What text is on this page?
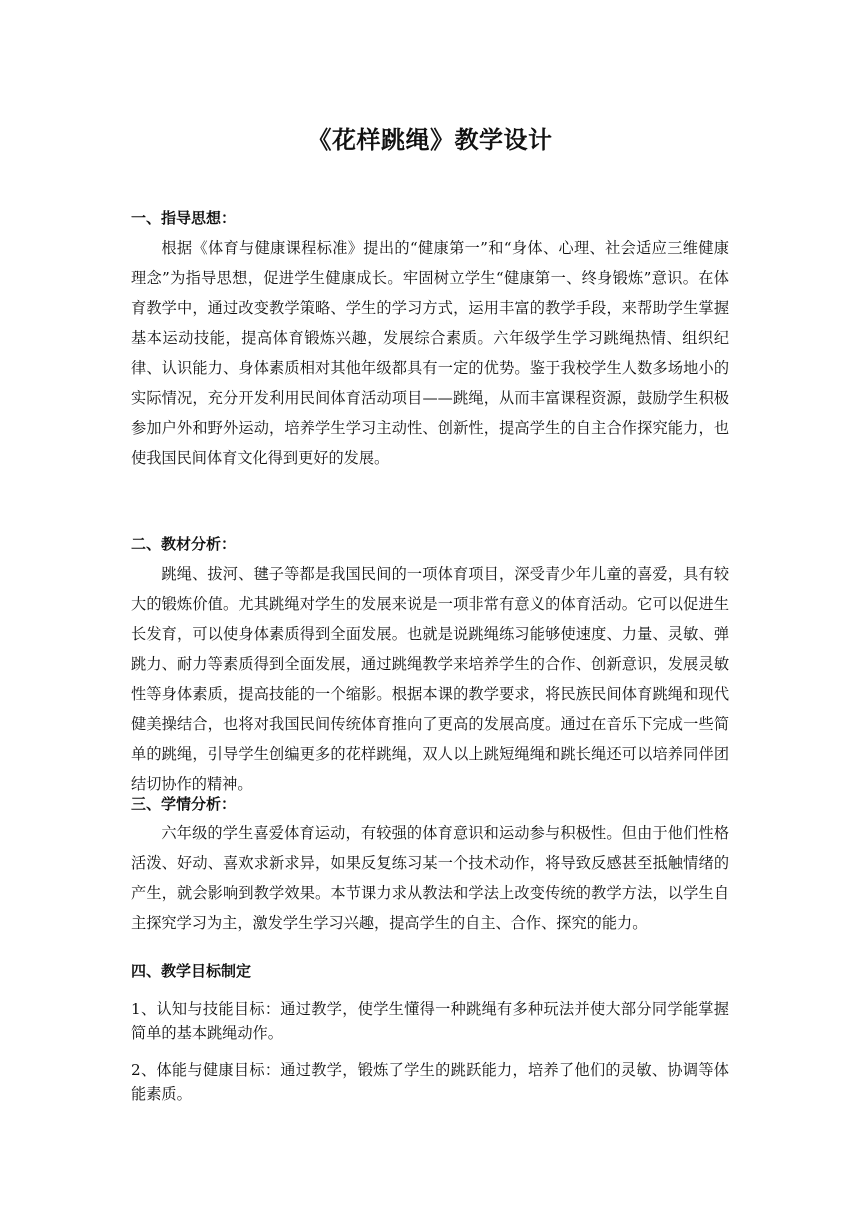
《花样跳绳》教学设计
一、指导思想：

根据《体育与健康课程标准》提出的“健康第一”和“身体、心理、社会适应三维健康理念”为指导思想，促进学生健康成长。牢固树立学生“健康第一、终身锻炼”意识。在体育教学中，通过改变教学策略、学生的学习方式，运用丰富的教学手段，来帮助学生掌握基本运动技能，提高体育锻炼兴趣，发展综合素质。六年级学生学习跳绳热情、组织纪律、认识能力、身体素质相对其他年级都具有一定的优势。鉴于我校学生人数多场地小的实际情况，充分开发利用民间体育活动项目——跳绳，从而丰富课程资源，鼓励学生积极参加户外和野外运动，培养学生学习主动性、创新性，提高学生的自主合作探究能力，也使我国民间体育文化得到更好的发展。

二、教材分析：

跳绳、拔河、毽子等都是我国民间的一项体育项目，深受青少年儿童的喜爱，具有较大的锻炼价值。尤其跳绳对学生的发展来说是一项非常有意义的体育活动。它可以促进生长发育，可以使身体素质得到全面发展。也就是说跳绳练习能够使速度、力量、灵敏、弹跳力、耐力等素质得到全面发展，通过跳绳教学来培养学生的合作、创新意识，发展灵敏性等身体素质，提高技能的一个缩影。根据本课的教学要求，将民族民间体育跳绳和现代健美操结合，也将对我国民间传统体育推向了更高的发展高度。通过在音乐下完成一些简单的跳绳，引导学生创编更多的花样跳绳，双人以上跳短绳绳和跳长绳还可以培养同伴团结切协作的精神。

三、学情分析：

六年级的学生喜爱体育运动，有较强的体育意识和运动参与积极性。但由于他们性格活泼、好动、喜欢求新求异，如果反复练习某一个技术动作，将导致反感甚至抵触情绪的产生，就会影响到教学效果。本节课力求从教法和学法上改变传统的教学方法，以学生自主探究学习为主，激发学生学习兴趣，提高学生的自主、合作、探究的能力。

四、教学目标制定

1、认知与技能目标：通过教学，使学生懂得一种跳绳有多种玩法并使大部分同学能掌握简单的基本跳绳动作。

2、体能与健康目标：通过教学，锻炼了学生的跳跃能力，培养了他们的灵敏、协调等体能素质。
